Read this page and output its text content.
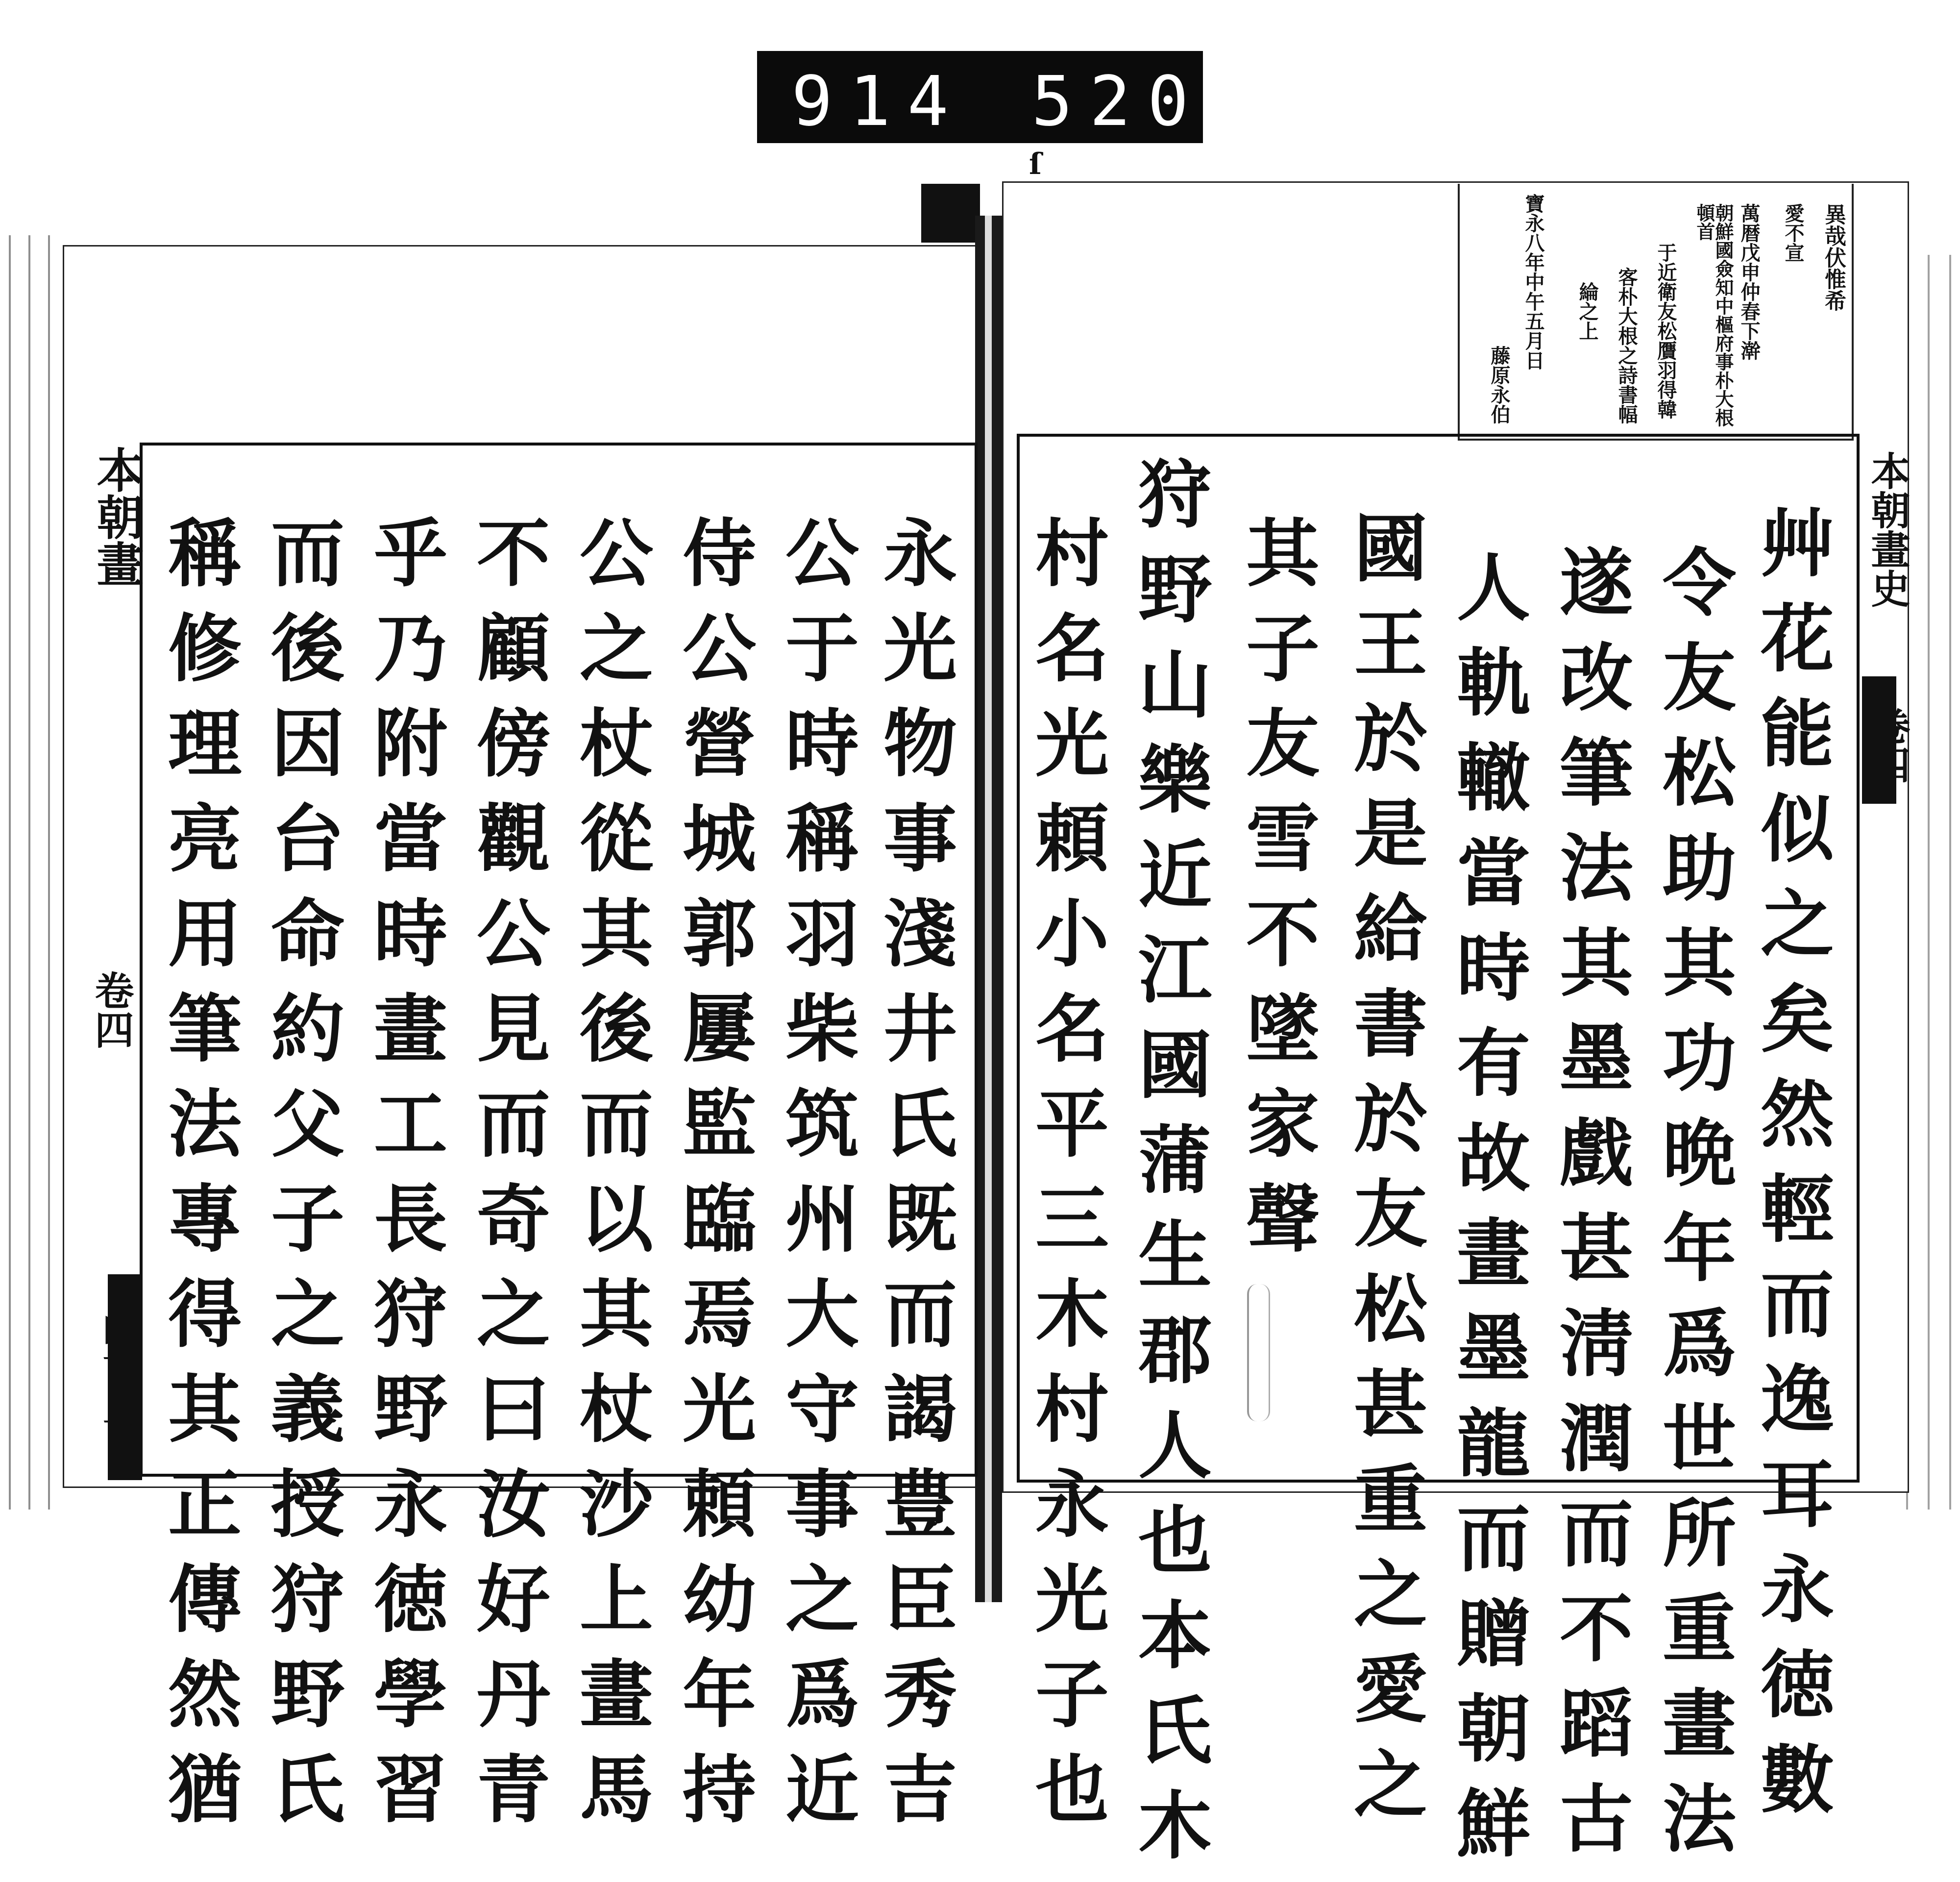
914 520.
異哉伏惟希
愛不宣
萬暦戊申仲春下澣
朝鮮國僉知中樞府事朴大根頓首
于近衛友松贋羽得韓
客朴大根之詩書幅
綸之上
寶永八年中午五月日
藤原永伯
本朝畫
卷四
本朝畫史
艸花能似之矣然輕而逸耳永徳數
令友松助其功晩年爲世所重畫法
遂改筆法其墨戲甚淸潤而不蹈古
人軌轍當時有故畫墨龍而贈朝鮮
國王於是給書於友松甚重之愛之
其子友雪不墜家聲
狩野山樂近江國蒲生郡人也本氏木
村名光頼小名平三木村永光子也
永光物事淺井氏既而謁豊臣秀吉
公于時稱羽柴筑州大守事之爲近
侍公營城郭屢監臨焉光頼幼年持
公之杖從其後而以其杖沙上畫馬
不顧傍觀公見而奇之曰汝好丹青
乎乃附當時畫工長狩野永徳學習
而後因台命約父子之義授狩野氏
稱修理亮用筆法專得其正傳然猶
ſ
